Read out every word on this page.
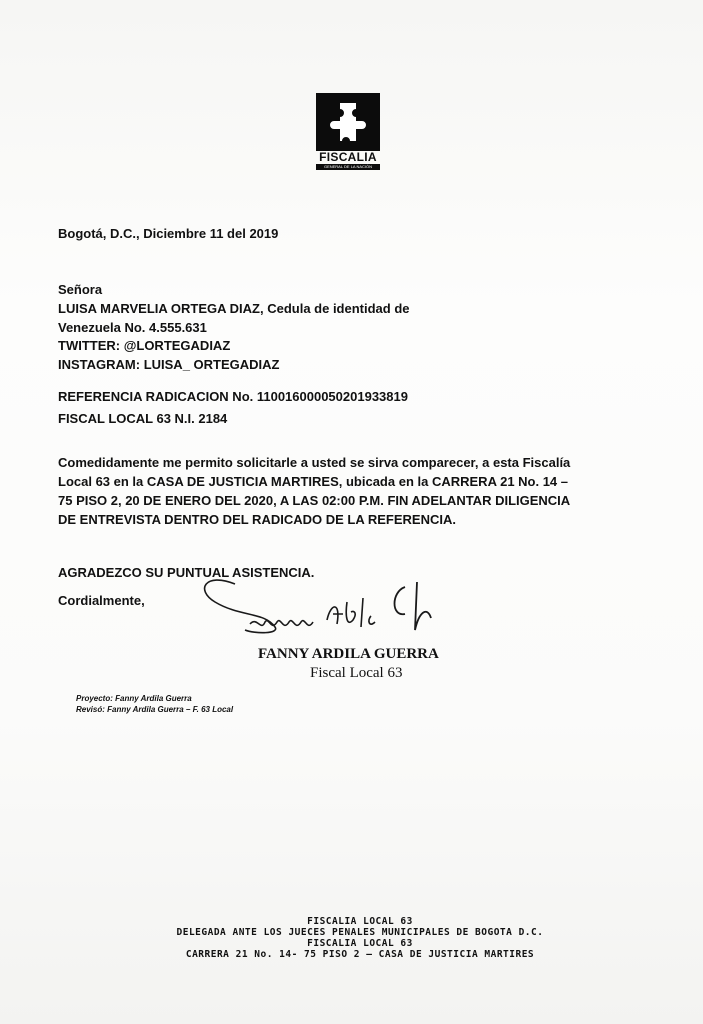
FISCALIA
GENERAL DE LA NACIÓN
Bogotá, D.C., Diciembre 11 del 2019
Señora
LUISA MARVELIA ORTEGA DIAZ, Cedula de identidad de
Venezuela No. 4.555.631
TWITTER: @LORTEGADIAZ
INSTAGRAM: LUISA_ ORTEGADIAZ
REFERENCIA RADICACION No. 110016000050201933819
FISCAL LOCAL 63 N.I. 2184
Comedidamente me permito solicitarle a usted se sirva comparecer, a esta Fiscalía
Local 63 en la CASA DE JUSTICIA MARTIRES, ubicada en la CARRERA 21 No. 14 –
75 PISO 2, 20 DE ENERO DEL 2020, A LAS 02:00 P.M. FIN ADELANTAR DILIGENCIA
DE ENTREVISTA DENTRO DEL RADICADO DE LA REFERENCIA.
AGRADEZCO SU PUNTUAL ASISTENCIA.
Cordialmente,
FANNY ARDILA GUERRA
Fiscal Local 63
Proyecto: Fanny Ardila Guerra
Revisó: Fanny Ardila Guerra – F. 63 Local
FISCALIA LOCAL 63
DELEGADA ANTE LOS JUECES PENALES MUNICIPALES DE BOGOTA D.C.
FISCALIA LOCAL 63
CARRERA 21 No. 14- 75 PISO 2 – CASA DE JUSTICIA MARTIRES
